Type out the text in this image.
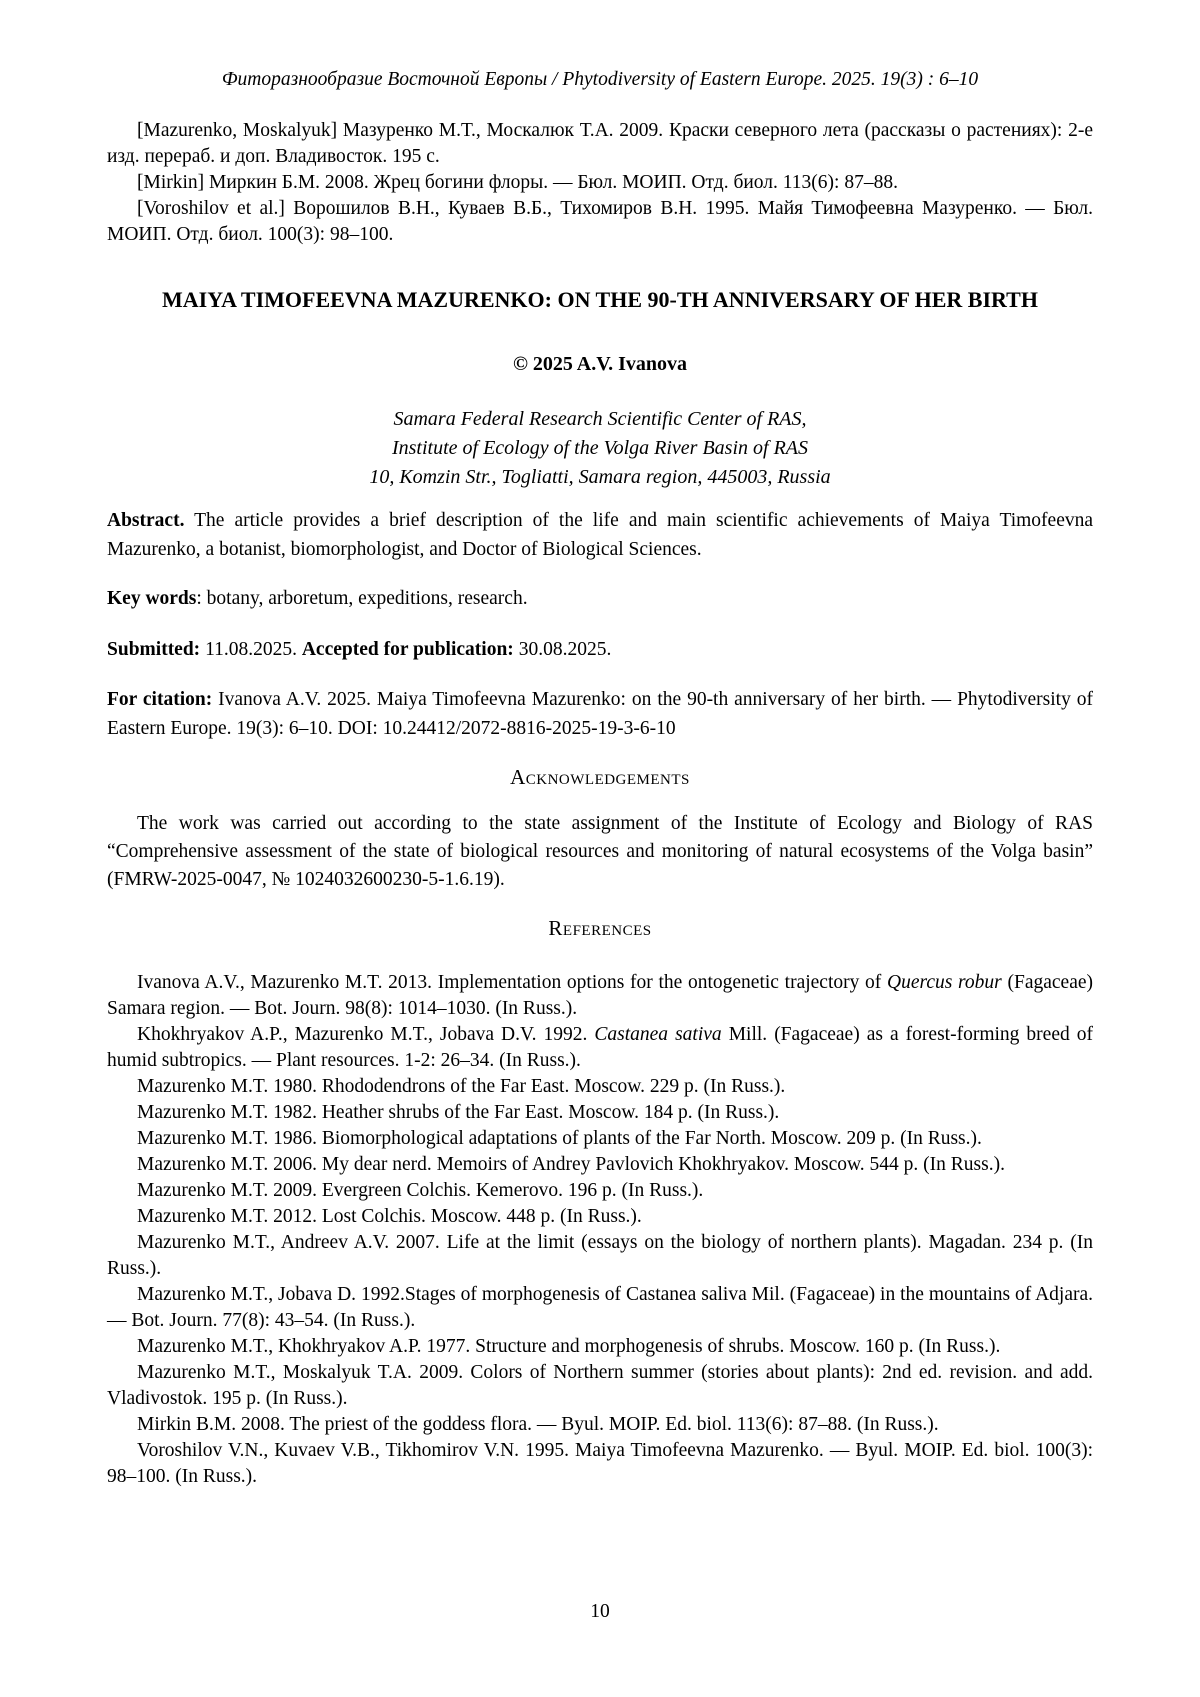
Фиторазнообразие Восточной Европы / Phytodiversity of Eastern Europe. 2025. 19(3) : 6–10

[Mazurenko, Moskalyuk] Мазуренко М.Т., Москалюк Т.А. 2009. Краски северного лета (рассказы о растениях): 2-е изд. перераб. и доп. Владивосток. 195 с.

[Mirkin] Миркин Б.М. 2008. Жрец богини флоры. — Бюл. МОИП. Отд. биол. 113(6): 87–88.

[Voroshilov et al.] Ворошилов В.Н., Куваев В.Б., Тихомиров В.Н. 1995. Майя Тимофеевна Мазуренко. — Бюл. МОИП. Отд. биол. 100(3): 98–100.

MAIYA TIMOFEEVNA MAZURENKO: ON THE 90-TH ANNIVERSARY OF HER BIRTH
© 2025 A.V. Ivanova
Samara Federal Research Scientific Center of RAS,
Institute of Ecology of the Volga River Basin of RAS
10, Komzin Str., Togliatti, Samara region, 445003, Russia

Abstract. The article provides a brief description of the life and main scientific achievements of Maiya Timofeevna Mazurenko, a botanist, biomorphologist, and Doctor of Biological Sciences.

Key words: botany, arboretum, expeditions, research.

Submitted: 11.08.2025. Accepted for publication: 30.08.2025.

For citation: Ivanova A.V. 2025. Maiya Timofeevna Mazurenko: on the 90-th anniversary of her birth. — Phytodiversity of Eastern Europe. 19(3): 6–10. DOI: 10.24412/2072-8816-2025-19-3-6-10

Acknowledgements

The work was carried out according to the state assignment of the Institute of Ecology and Biology of RAS “Comprehensive assessment of the state of biological resources and monitoring of natural ecosystems of the Volga basin” (FMRW-2025-0047, № 1024032600230-5-1.6.19).

References

Ivanova A.V., Mazurenko M.T. 2013. Implementation options for the ontogenetic trajectory of Quercus robur (Fagaceae) Samara region. — Bot. Journ. 98(8): 1014–1030. (In Russ.).

Khokhryakov A.P., Mazurenko M.T., Jobava D.V. 1992. Castanea sativa Mill. (Fagaceae) as a forest-forming breed of humid subtropics. — Plant resources. 1-2: 26–34. (In Russ.).

Mazurenko M.T. 1980. Rhododendrons of the Far East. Moscow. 229 p. (In Russ.).

Mazurenko M.T. 1982. Heather shrubs of the Far East. Moscow. 184 p. (In Russ.).

Mazurenko M.T. 1986. Biomorphological adaptations of plants of the Far North. Moscow. 209 p. (In Russ.).

Mazurenko M.T. 2006. My dear nerd. Memoirs of Andrey Pavlovich Khokhryakov. Moscow. 544 p. (In Russ.).

Mazurenko M.T. 2009. Evergreen Colchis. Kemerovo. 196 p. (In Russ.).

Mazurenko M.T. 2012. Lost Colchis. Moscow. 448 p. (In Russ.).

Mazurenko M.T., Andreev A.V. 2007. Life at the limit (essays on the biology of northern plants). Magadan. 234 p. (In Russ.).

Mazurenko M.T., Jobava D. 1992.Stages of morphogenesis of Castanea saliva Mil. (Fagaceae) in the mountains of Adjara. — Bot. Journ. 77(8): 43–54. (In Russ.).

Mazurenko M.T., Khokhryakov A.P. 1977. Structure and morphogenesis of shrubs. Moscow. 160 p. (In Russ.).

Mazurenko M.T., Moskalyuk T.A. 2009. Colors of Northern summer (stories about plants): 2nd ed. revision. and add. Vladivostok. 195 p. (In Russ.).

Mirkin B.M. 2008. The priest of the goddess flora. — Byul. MOIP. Ed. biol. 113(6): 87–88. (In Russ.).

Voroshilov V.N., Kuvaev V.B., Tikhomirov V.N. 1995. Maiya Timofeevna Mazurenko. — Byul. MOIP. Ed. biol. 100(3): 98–100. (In Russ.).

10
